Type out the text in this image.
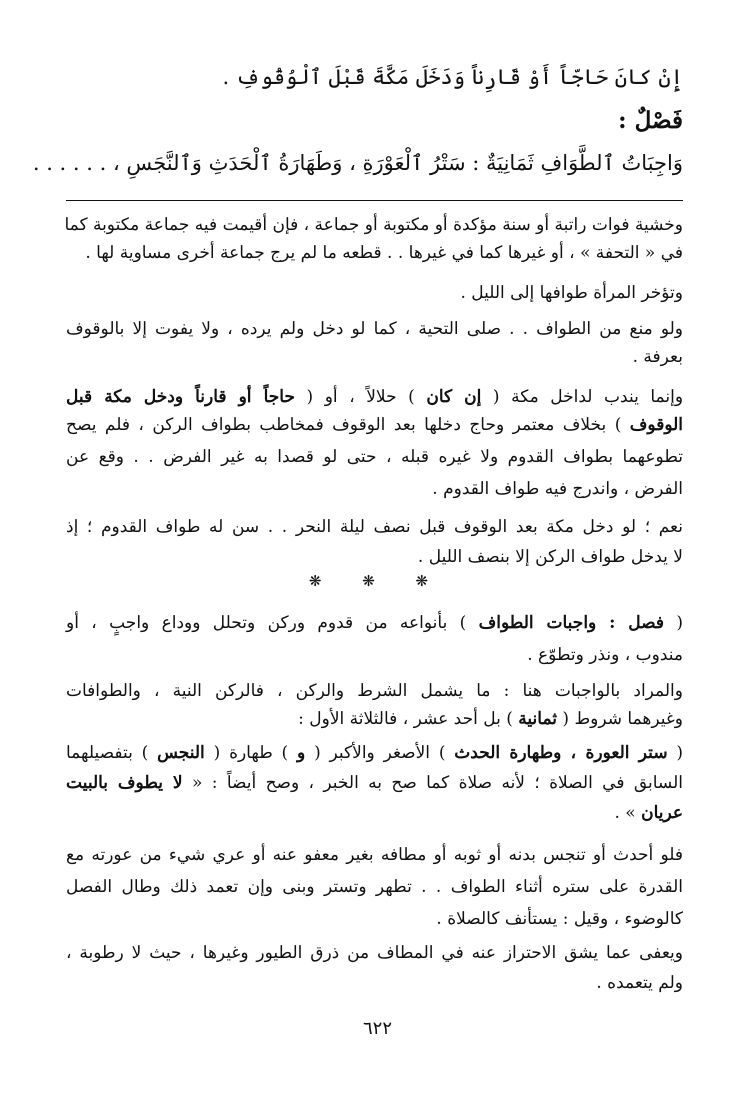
إِنْ كانَ حَاجّاً أَوْ قَارِناً وَدَخَلَ مَكَّةَ قَبْلَ ٱلْوُقُوفِ .
فَصْلٌ :
وَاجِبَاتُ ٱلطَّوَافِ ثَمَانِيَةٌ : سَتْرُ ٱلْعَوْرَةِ ، وَطَهَارَةُ ٱلْحَدَثِ وَٱلنَّجَسِ ، . . . . . .
وخشية فوات راتبة أو سنة مؤكدة أو مكتوبة أو جماعة ، فإن أقيمت فيه جماعة مكتوبة كما
في « التحفة » ، أو غيرها كما في غيرها . . قطعه ما لم يرج جماعة أخرى مساوية لها .
وتؤخر المرأة طوافها إلى الليل .
ولو منع من الطواف . . صلى التحية ، كما لو دخل ولم يرده ، ولا يفوت إلا بالوقوف
بعرفة .
وإنما يندب لداخل مكة ( إن كان ) حلالاً ، أو ( حاجاً أو قارناً ودخل مكة قبل
الوقوف ) بخلاف معتمر وحاج دخلها بعد الوقوف فمخاطب بطواف الركن ، فلم يصح
تطوعهما بطواف القدوم ولا غيره قبله ، حتى لو قصدا به غير الفرض . . وقع عن
الفرض ، واندرج فيه طواف القدوم .
نعم ؛ لو دخل مكة بعد الوقوف قبل نصف ليلة النحر . . سن له طواف القدوم ؛ إذ
لا يدخل طواف الركن إلا بنصف الليل .
❋ ❋ ❋
( فصل : واجبات الطواف ) بأنواعه من قدوم وركن وتحلل ووداع واجبٍ ، أو
مندوب ، ونذر وتطوّع .
والمراد بالواجبات هنا : ما يشمل الشرط والركن ، فالركن النية ، والطوافات
وغيرهما شروط ( ثمانية ) بل أحد عشر ، فالثلاثة الأول :
( ستر العورة ، وطهارة الحدث ) الأصغر والأكبر ( و ) طهارة ( النجس ) بتفصيلهما
السابق في الصلاة ؛ لأنه صلاة كما صح به الخبر ، وصح أيضاً : « لا يطوف بالبيت
عريان » .
فلو أحدث أو تنجس بدنه أو ثوبه أو مطافه بغير معفو عنه أو عري شيء من عورته مع
القدرة على ستره أثناء الطواف . . تطهر وتستر وبنى وإن تعمد ذلك وطال الفصل
كالوضوء ، وقيل : يستأنف كالصلاة .
ويعفى عما يشق الاحتراز عنه في المطاف من ذرق الطيور وغيرها ، حيث لا رطوبة ،
ولم يتعمده .
٦٢٢
